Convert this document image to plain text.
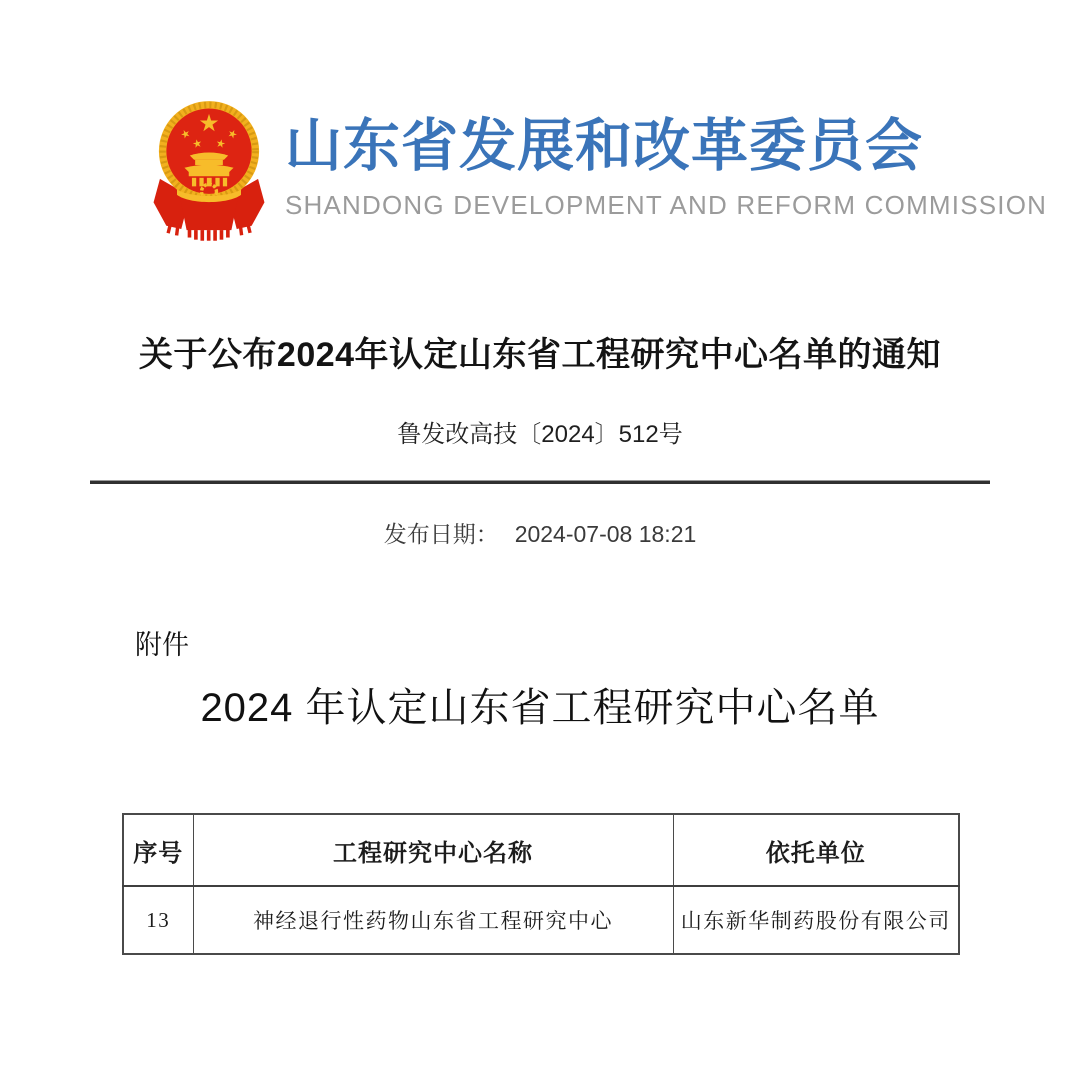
山东省发展和改革委员会
SHANDONG DEVELOPMENT AND REFORM COMMISSION
关于公布2024年认定山东省工程研究中心名单的通知
鲁发改高技〔2024〕512号
发布日期： 2024-07-08 18:21
附件
2024 年认定山东省工程研究中心名单
序号	工程研究中心名称	依托单位
13	神经退行性药物山东省工程研究中心	山东新华制药股份有限公司
